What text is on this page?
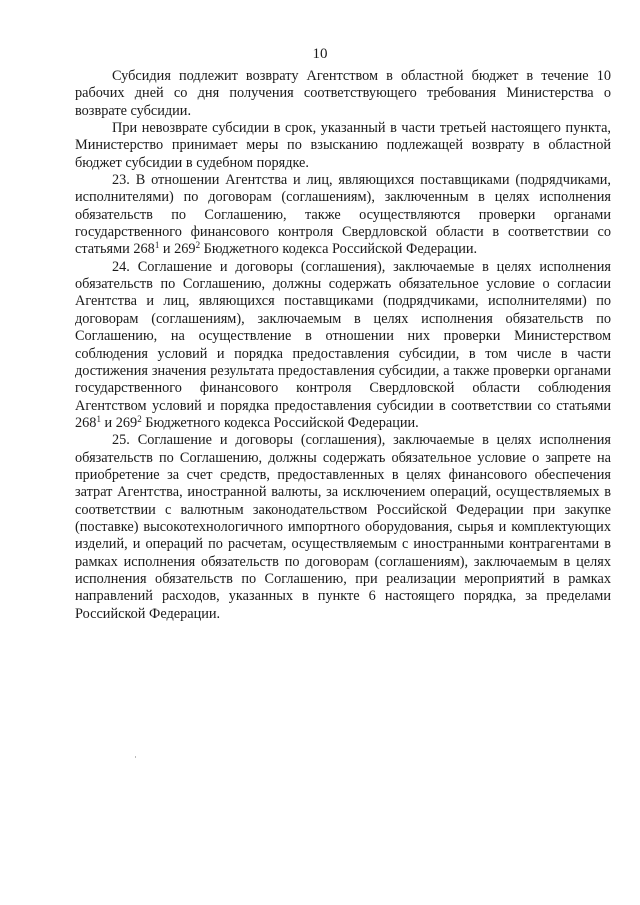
10

Субсидия подлежит возврату Агентством в областной бюджет в течение 10 рабочих дней со дня получения соответствующего требования Министерства о возврате субсидии.

При невозврате субсидии в срок, указанный в части третьей настоящего пункта, Министерство принимает меры по взысканию подлежащей возврату в областной бюджет субсидии в судебном порядке.

23. В отношении Агентства и лиц, являющихся поставщиками (подрядчиками, исполнителями) по договорам (соглашениям), заключенным в целях исполнения обязательств по Соглашению, также осуществляются проверки органами государственного финансового контроля Свердловской области в соответствии со статьями $268^1$ и $269^2$ Бюджетного кодекса Российской Федерации.

24. Соглашение и договоры (соглашения), заключаемые в целях исполнения обязательств по Соглашению, должны содержать обязательное условие о согласии Агентства и лиц, являющихся поставщиками (подрядчиками, исполнителями) по договорам (соглашениям), заключаемым в целях исполнения обязательств по Соглашению, на осуществление в отношении них проверки Министерством соблюдения условий и порядка предоставления субсидии, в том числе в части достижения значения результата предоставления субсидии, а также проверки органами государственного финансового контроля Свердловской области соблюдения Агентством условий и порядка предоставления субсидии в соответствии со статьями $268^1$ и $269^2$ Бюджетного кодекса Российской Федерации.

25. Соглашение и договоры (соглашения), заключаемые в целях исполнения обязательств по Соглашению, должны содержать обязательное условие о запрете на приобретение за счет средств, предоставленных в целях финансового обеспечения затрат Агентства, иностранной валюты, за исключением операций, осуществляемых в соответствии с валютным законодательством Российской Федерации при закупке (поставке) высокотехнологичного импортного оборудования, сырья и комплектующих изделий, и операций по расчетам, осуществляемым с иностранными контрагентами в рамках исполнения обязательств по договорам (соглашениям), заключаемым в целях исполнения обязательств по Соглашению, при реализации мероприятий в рамках направлений расходов, указанных в пункте 6 настоящего порядка, за пределами Российской Федерации.
